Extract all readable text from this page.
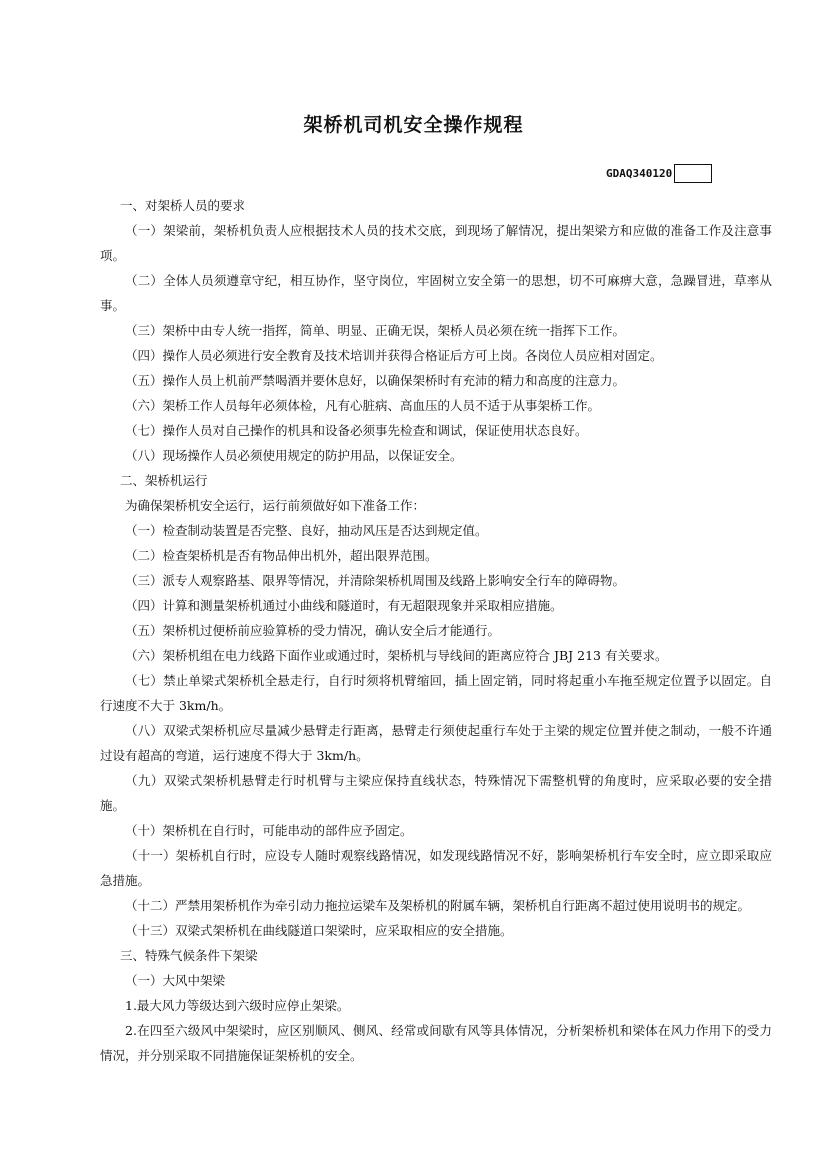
架桥机司机安全操作规程
GDAQ340120

一、对架桥人员的要求

（一）架梁前，架桥机负责人应根据技术人员的技术交底，到现场了解情况，提出架梁方和应做的准备工作及注意事项。

（二）全体人员须遵章守纪，相互协作，坚守岗位，牢固树立安全第一的思想，切不可麻痹大意，急躁冒进，草率从事。

（三）架桥中由专人统一指挥，简单、明显、正确无误，架桥人员必须在统一指挥下工作。

（四）操作人员必须进行安全教育及技术培训并获得合格证后方可上岗。各岗位人员应相对固定。

（五）操作人员上机前严禁喝酒并要休息好，以确保架桥时有充沛的精力和高度的注意力。

（六）架桥工作人员每年必须体检，凡有心脏病、高血压的人员不适于从事架桥工作。

（七）操作人员对自己操作的机具和设备必须事先检查和调试，保证使用状态良好。

（八）现场操作人员必须使用规定的防护用品，以保证安全。

二、架桥机运行

为确保架桥机安全运行，运行前须做好如下准备工作：

（一）检查制动装置是否完整、良好，抽动风压是否达到规定值。

（二）检查架桥机是否有物品伸出机外，超出限界范围。

（三）派专人观察路基、限界等情况，并清除架桥机周围及线路上影响安全行车的障碍物。

（四）计算和测量架桥机通过小曲线和隧道时，有无超限现象并采取相应措施。

（五）架桥机过便桥前应验算桥的受力情况，确认安全后才能通行。

（六）架桥机组在电力线路下面作业或通过时，架桥机与导线间的距离应符合 JBJ 213 有关要求。

（七）禁止单梁式架桥机全悬走行，自行时须将机臂缩回，插上固定销，同时将起重小车拖至规定位置予以固定。自行速度不大于 3km/h。

（八）双梁式架桥机应尽量减少悬臂走行距离，悬臂走行须使起重行车处于主梁的规定位置并使之制动，一般不许通过设有超高的弯道，运行速度不得大于 3km/h。

（九）双梁式架桥机悬臂走行时机臂与主梁应保持直线状态，特殊情况下需整机臂的角度时，应采取必要的安全措施。

（十）架桥机在自行时，可能串动的部件应予固定。

（十一）架桥机自行时，应设专人随时观察线路情况，如发现线路情况不好，影响架桥机行车安全时，应立即采取应急措施。

（十二）严禁用架桥机作为牵引动力拖拉运梁车及架桥机的附属车辆，架桥机自行距离不超过使用说明书的规定。

（十三）双梁式架桥机在曲线隧道口架梁时，应采取相应的安全措施。

三、特殊气候条件下架梁

（一）大风中架梁

1.最大风力等级达到六级时应停止架梁。

2.在四至六级风中架梁时，应区别顺风、侧风、经常或间歇有风等具体情况，分析架桥机和梁体在风力作用下的受力情况，并分别采取不同措施保证架桥机的安全。
